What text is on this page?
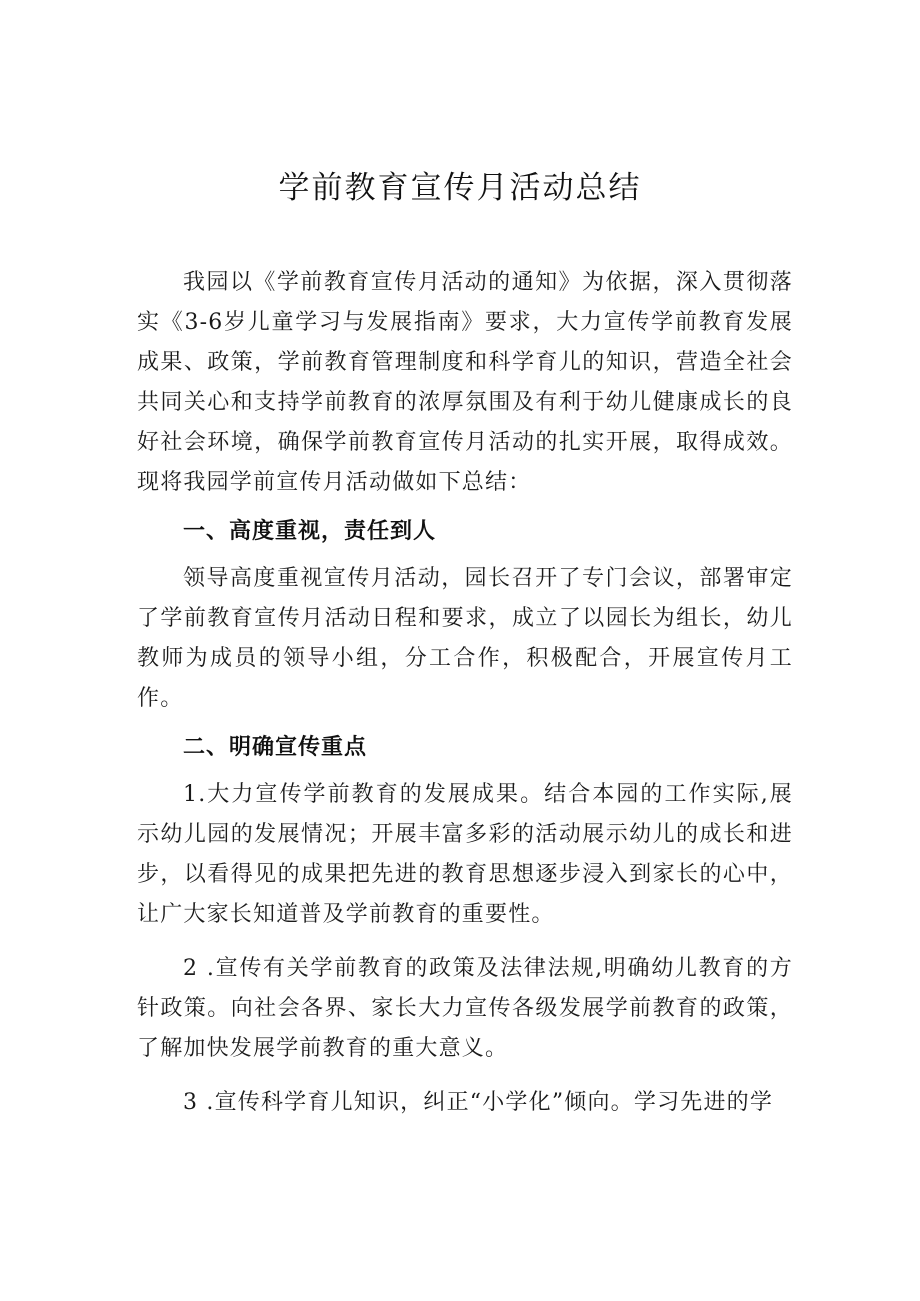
学前教育宣传月活动总结

我园以《学前教育宣传月活动的通知》为依据，深入贯彻落实《3-6岁儿童学习与发展指南》要求，大力宣传学前教育发展成果、政策，学前教育管理制度和科学育儿的知识，营造全社会共同关心和支持学前教育的浓厚氛围及有利于幼儿健康成长的良好社会环境，确保学前教育宣传月活动的扎实开展，取得成效。现将我园学前宣传月活动做如下总结：

一、高度重视，责任到人

领导高度重视宣传月活动，园长召开了专门会议，部署审定了学前教育宣传月活动日程和要求，成立了以园长为组长，幼儿教师为成员的领导小组，分工合作，积极配合，开展宣传月工作。

二、明确宣传重点

1.大力宣传学前教育的发展成果。结合本园的工作实际,展示幼儿园的发展情况；开展丰富多彩的活动展示幼儿的成长和进步，以看得见的成果把先进的教育思想逐步浸入到家长的心中，让广大家长知道普及学前教育的重要性。

2 .宣传有关学前教育的政策及法律法规,明确幼儿教育的方针政策。向社会各界、家长大力宣传各级发展学前教育的政策，了解加快发展学前教育的重大意义。

3 .宣传科学育儿知识，纠正“小学化”倾向。学习先进的学
